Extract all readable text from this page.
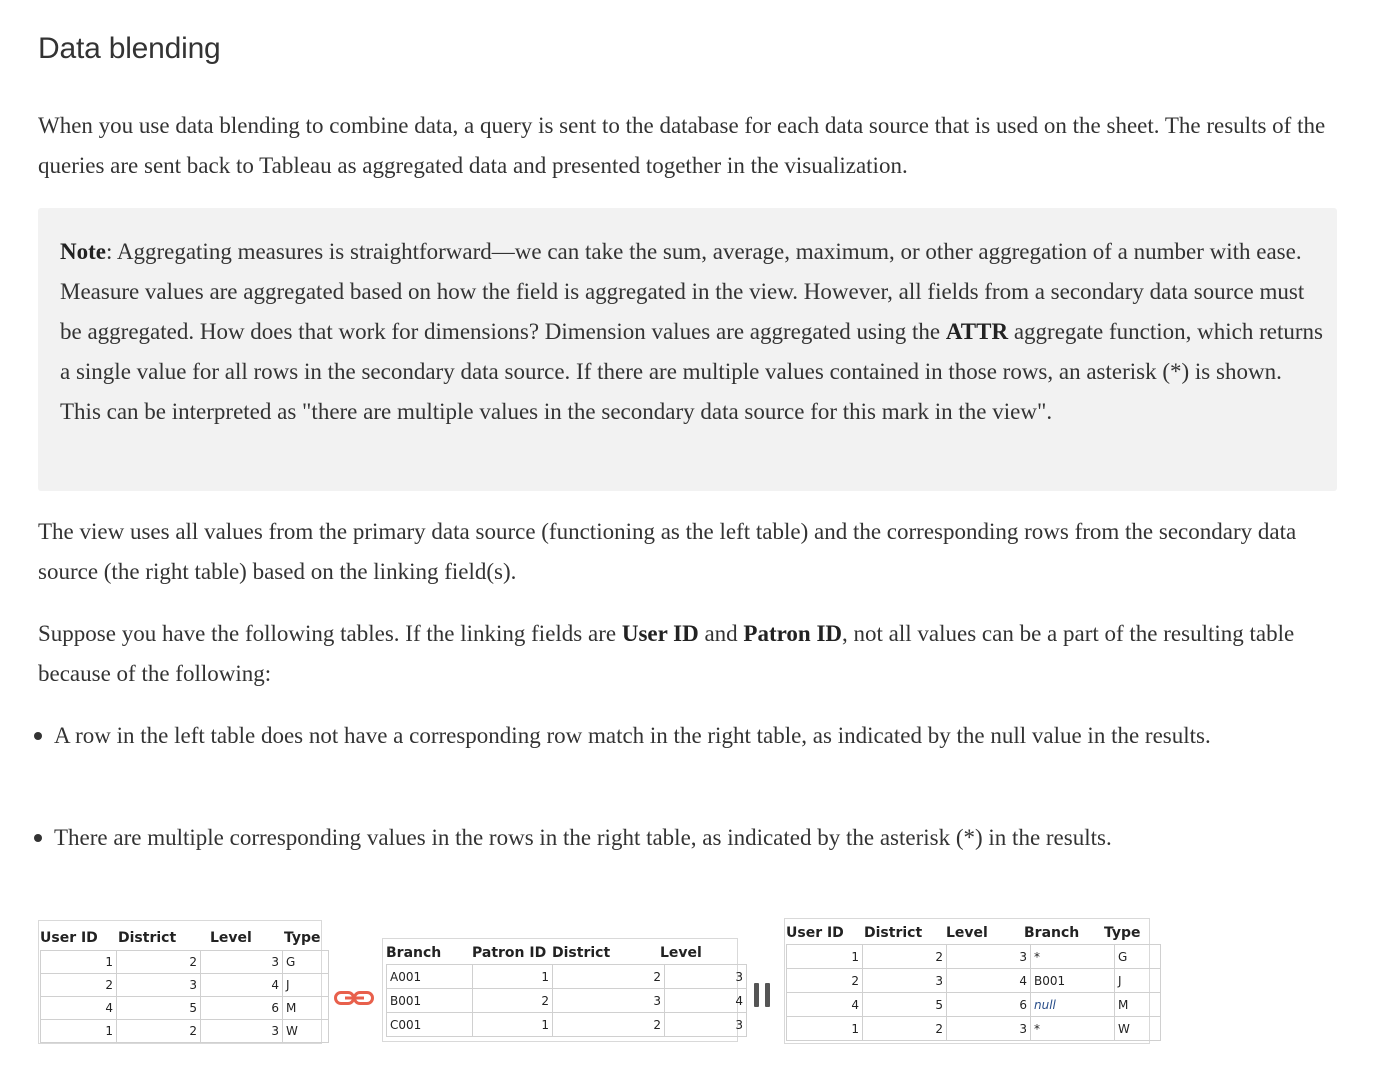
Data blending

When you use data blending to combine data, a query is sent to the database for each data source that is used on the sheet. The results of the queries are sent back to Tableau as aggregated data and presented together in the visualization.

Note: Aggregating measures is straightforward—we can take the sum, average, maximum, or other aggregation of a number with ease. Measure values are aggregated based on how the field is aggregated in the view. However, all fields from a secondary data source must be aggregated. How does that work for dimensions? Dimension values are aggregated using the ATTR aggregate function, which returns a single value for all rows in the secondary data source. If there are multiple values contained in those rows, an asterisk (*) is shown. This can be interpreted as "there are multiple values in the secondary data source for this mark in the view".

The view uses all values from the primary data source (functioning as the left table) and the corresponding rows from the secondary data source (the right table) based on the linking field(s).

Suppose you have the following tables. If the linking fields are User ID and Patron ID, not all values can be a part of the resulting table because of the following:

A row in the left table does not have a corresponding row match in the right table, as indicated by the null value in the results.
There are multiple corresponding values in the rows in the right table, as indicated by the asterisk (*) in the results.
User ID	District	Level	Type
1	2	3	G
2	3	4	J
4	5	6	M
1	2	3	W
Branch	Patron ID	District	Level
A001	1	2	3
B001	2	3	4
C001	1	2	3
User ID	District	Level	Branch	Type
1	2	3	*	G
2	3	4	B001	J
4	5	6	null	M
1	2	3	*	W
